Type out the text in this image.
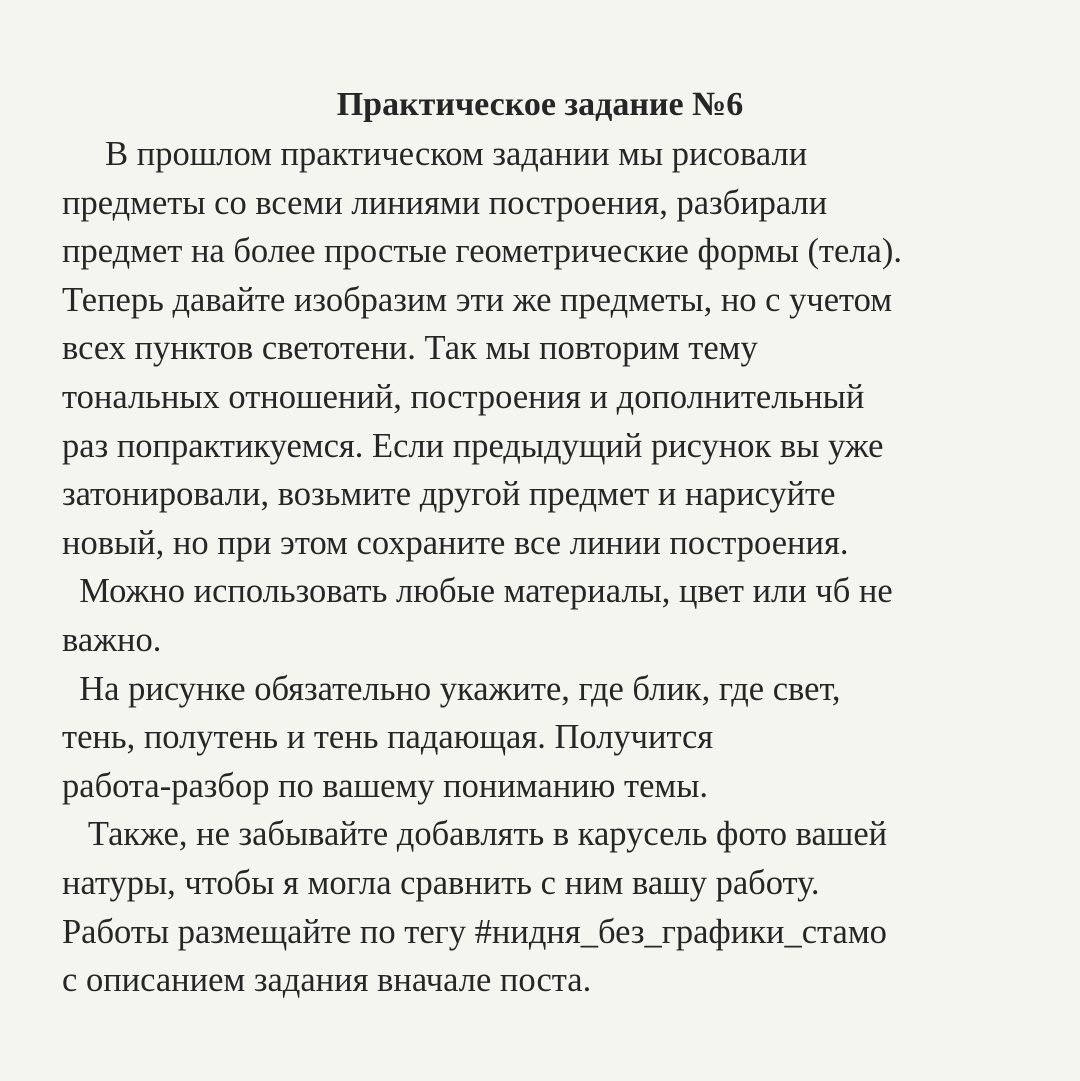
Практическое задание №6
В прошлом практическом задании мы рисовали
предметы со всеми линиями построения, разбирали
предмет на более простые геометрические формы (тела).
Теперь давайте изобразим эти же предметы, но с учетом
всех пунктов светотени. Так мы повторим тему
тональных отношений, построения и дополнительный
раз попрактикуемся. Если предыдущий рисунок вы уже
затонировали, возьмите другой предмет и нарисуйте
новый, но при этом сохраните все линии построения.
Можно использовать любые материалы, цвет или чб не
важно.
На рисунке обязательно укажите, где блик, где свет,
тень, полутень и тень падающая. Получится
работа-разбор по вашему пониманию темы.
Также, не забывайте добавлять в карусель фото вашей
натуры, чтобы я могла сравнить с ним вашу работу.
Работы размещайте по тегу #нидня_без_графики_стамо
с описанием задания вначале поста.
